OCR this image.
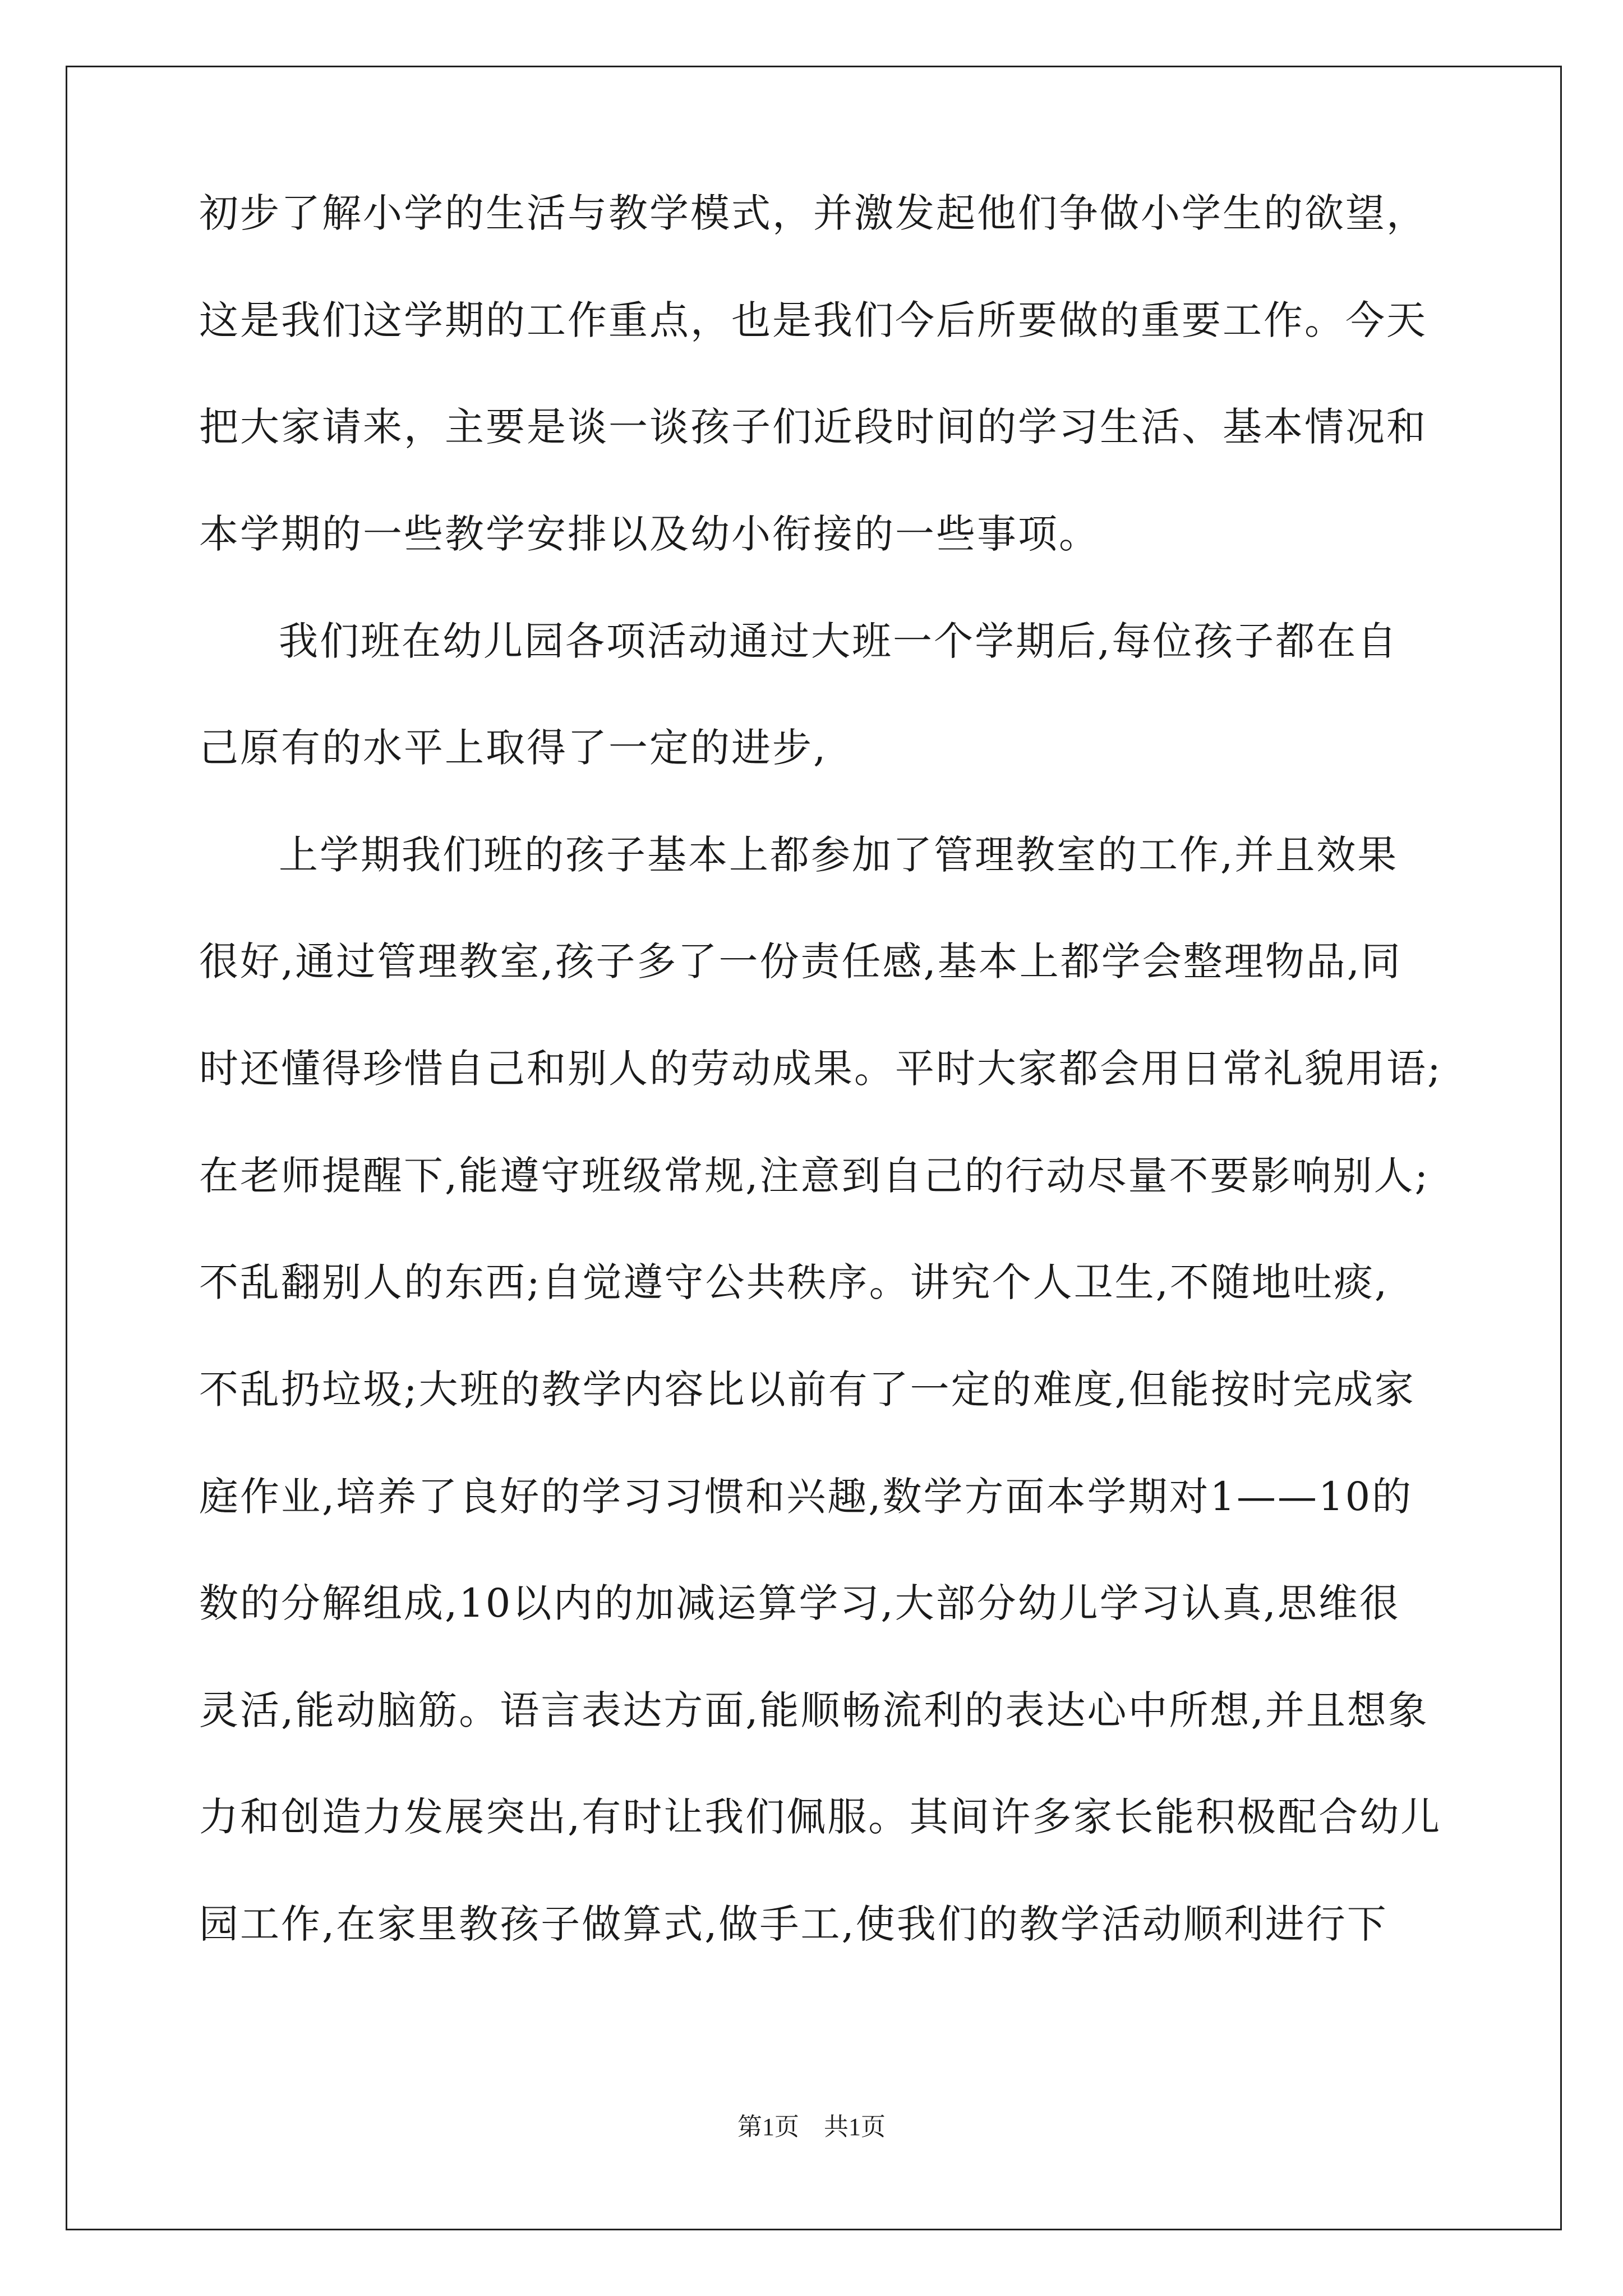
初步了解小学的生活与教学模式，并激发起他们争做小学生的欲望，
这是我们这学期的工作重点，也是我们今后所要做的重要工作。今天
把大家请来，主要是谈一谈孩子们近段时间的学习生活、基本情况和
本学期的一些教学安排以及幼小衔接的一些事项。
我们班在幼儿园各项活动通过大班一个学期后,每位孩子都在自
己原有的水平上取得了一定的进步,
上学期我们班的孩子基本上都参加了管理教室的工作,并且效果
很好,通过管理教室,孩子多了一份责任感,基本上都学会整理物品,同
时还懂得珍惜自己和别人的劳动成果。平时大家都会用日常礼貌用语;
在老师提醒下,能遵守班级常规,注意到自己的行动尽量不要影响别人;
不乱翻别人的东西;自觉遵守公共秩序。讲究个人卫生,不随地吐痰,
不乱扔垃圾;大班的教学内容比以前有了一定的难度,但能按时完成家
庭作业,培养了良好的学习习惯和兴趣,数学方面本学期对1——10的
数的分解组成,10以内的加减运算学习,大部分幼儿学习认真,思维很
灵活,能动脑筋。语言表达方面,能顺畅流利的表达心中所想,并且想象
力和创造力发展突出,有时让我们佩服。其间许多家长能积极配合幼儿
园工作,在家里教孩子做算式,做手工,使我们的教学活动顺利进行下
第1页　共1页
